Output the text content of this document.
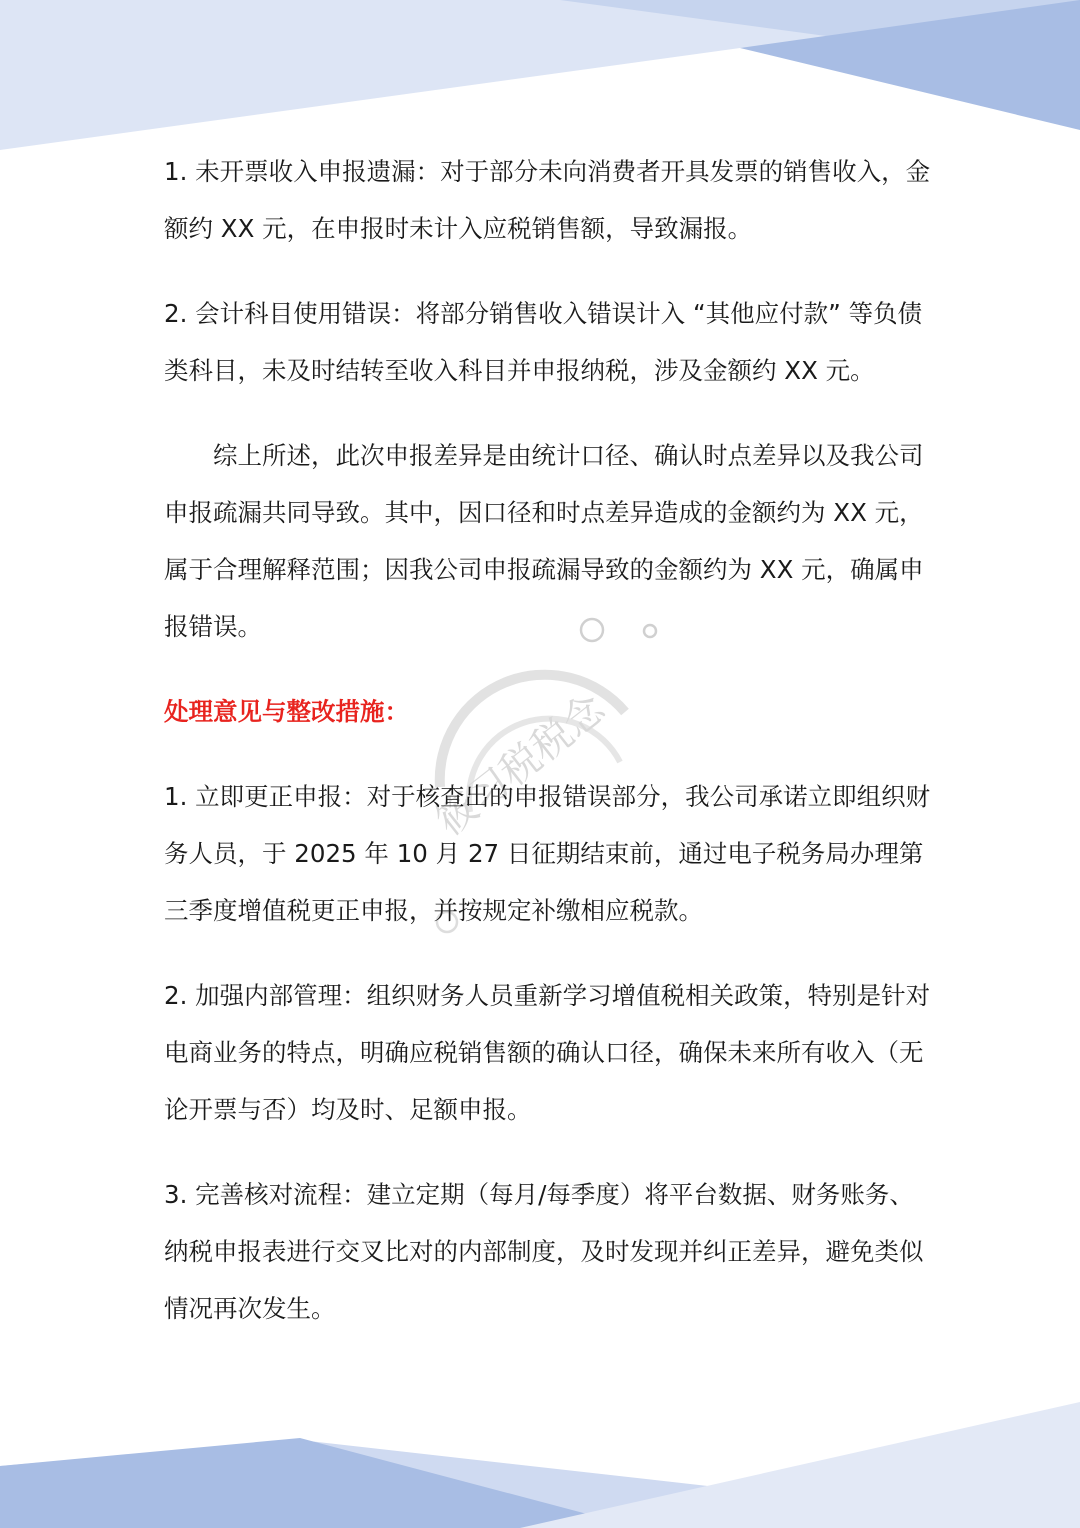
筱习税税念

1. 未开票收入申报遗漏：对于部分未向消费者开具发票的销售收入，金额约 XX 元，在申报时未计入应税销售额，导致漏报。

2. 会计科目使用错误：将部分销售收入错误计入 “其他应付款” 等负债类科目，未及时结转至收入科目并申报纳税，涉及金额约 XX 元。

综上所述，此次申报差异是由统计口径、确认时点差异以及我公司申报疏漏共同导致。其中，因口径和时点差异造成的金额约为 XX 元，属于合理解释范围；因我公司申报疏漏导致的金额约为 XX 元，确属申报错误。

处理意见与整改措施：

1. 立即更正申报：对于核查出的申报错误部分，我公司承诺立即组织财务人员，于 2025 年 10 月 27 日征期结束前，通过电子税务局办理第三季度增值税更正申报，并按规定补缴相应税款。

2. 加强内部管理：组织财务人员重新学习增值税相关政策，特别是针对电商业务的特点，明确应税销售额的确认口径，确保未来所有收入（无论开票与否）均及时、足额申报。

3. 完善核对流程：建立定期（每月/每季度）将平台数据、财务账务、纳税申报表进行交叉比对的内部制度，及时发现并纠正差异，避免类似情况再次发生。
